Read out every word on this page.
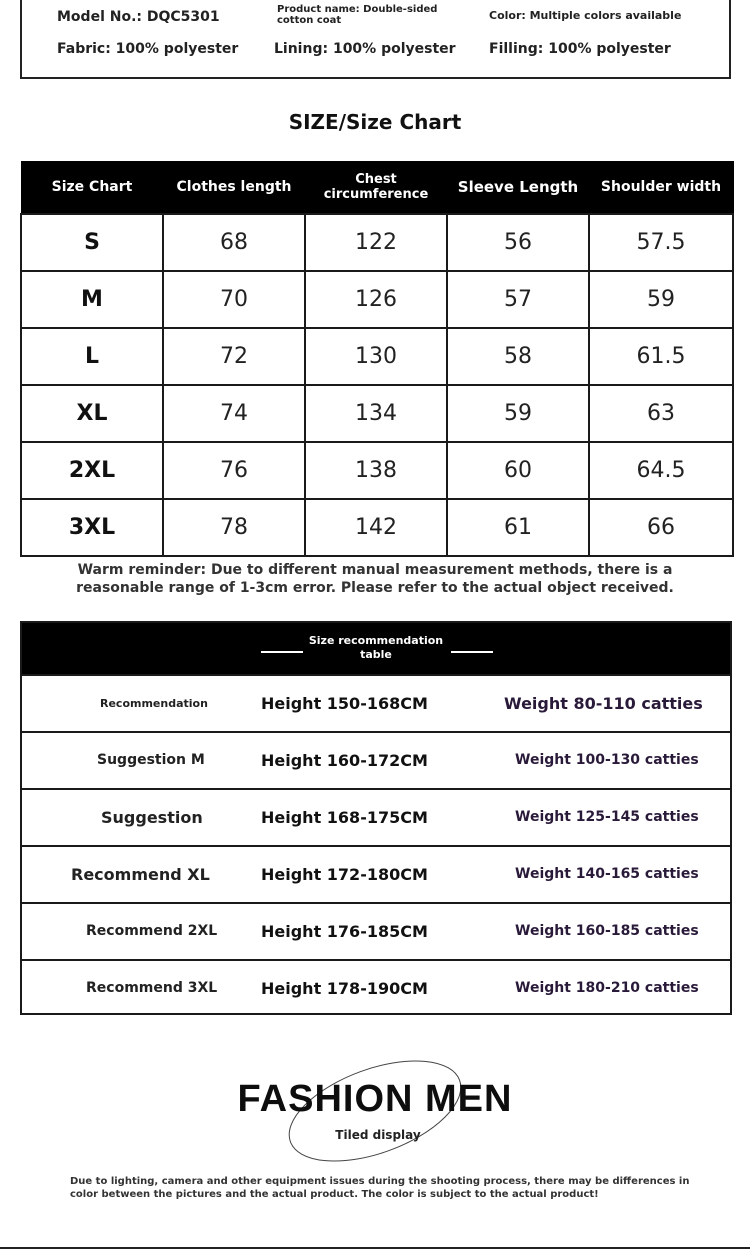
Model No.: DQC5301	Product name: Double-sided cotton coat	Color: Multiple colors available
Fabric: 100% polyester	Lining: 100% polyester Filling: 100% polyester
SIZE/Size Chart
Size Chart	Clothes length	Chest circumference	Sleeve Length	Shoulder width
S	68	122	56	57.5
M	70	126	57	59
L	72	130	58	61.5
XL	74	134	59	63
2XL	76	138	60	64.5
3XL	78	142	61	66
Warm reminder: Due to different manual measurement methods, there is a reasonable range of 1-3cm error. Please refer to the actual object received.
Size recommendation table
Recommendation	Height 150-168CM	Weight 80-110 catties
Suggestion M	Height 160-172CM	Weight 100-130 catties
Suggestion	Height 168-175CM	Weight 125-145 catties
Recommend XL	Height 172-180CM	Weight 140-165 catties
Recommend 2XL	Height 176-185CM	Weight 160-185 catties
Recommend 3XL	Height 178-190CM	Weight 180-210 catties
FASHION MEN
Tiled display
Due to lighting, camera and other equipment issues during the shooting process, there may be differences in color between the pictures and the actual product. The color is subject to the actual product!
